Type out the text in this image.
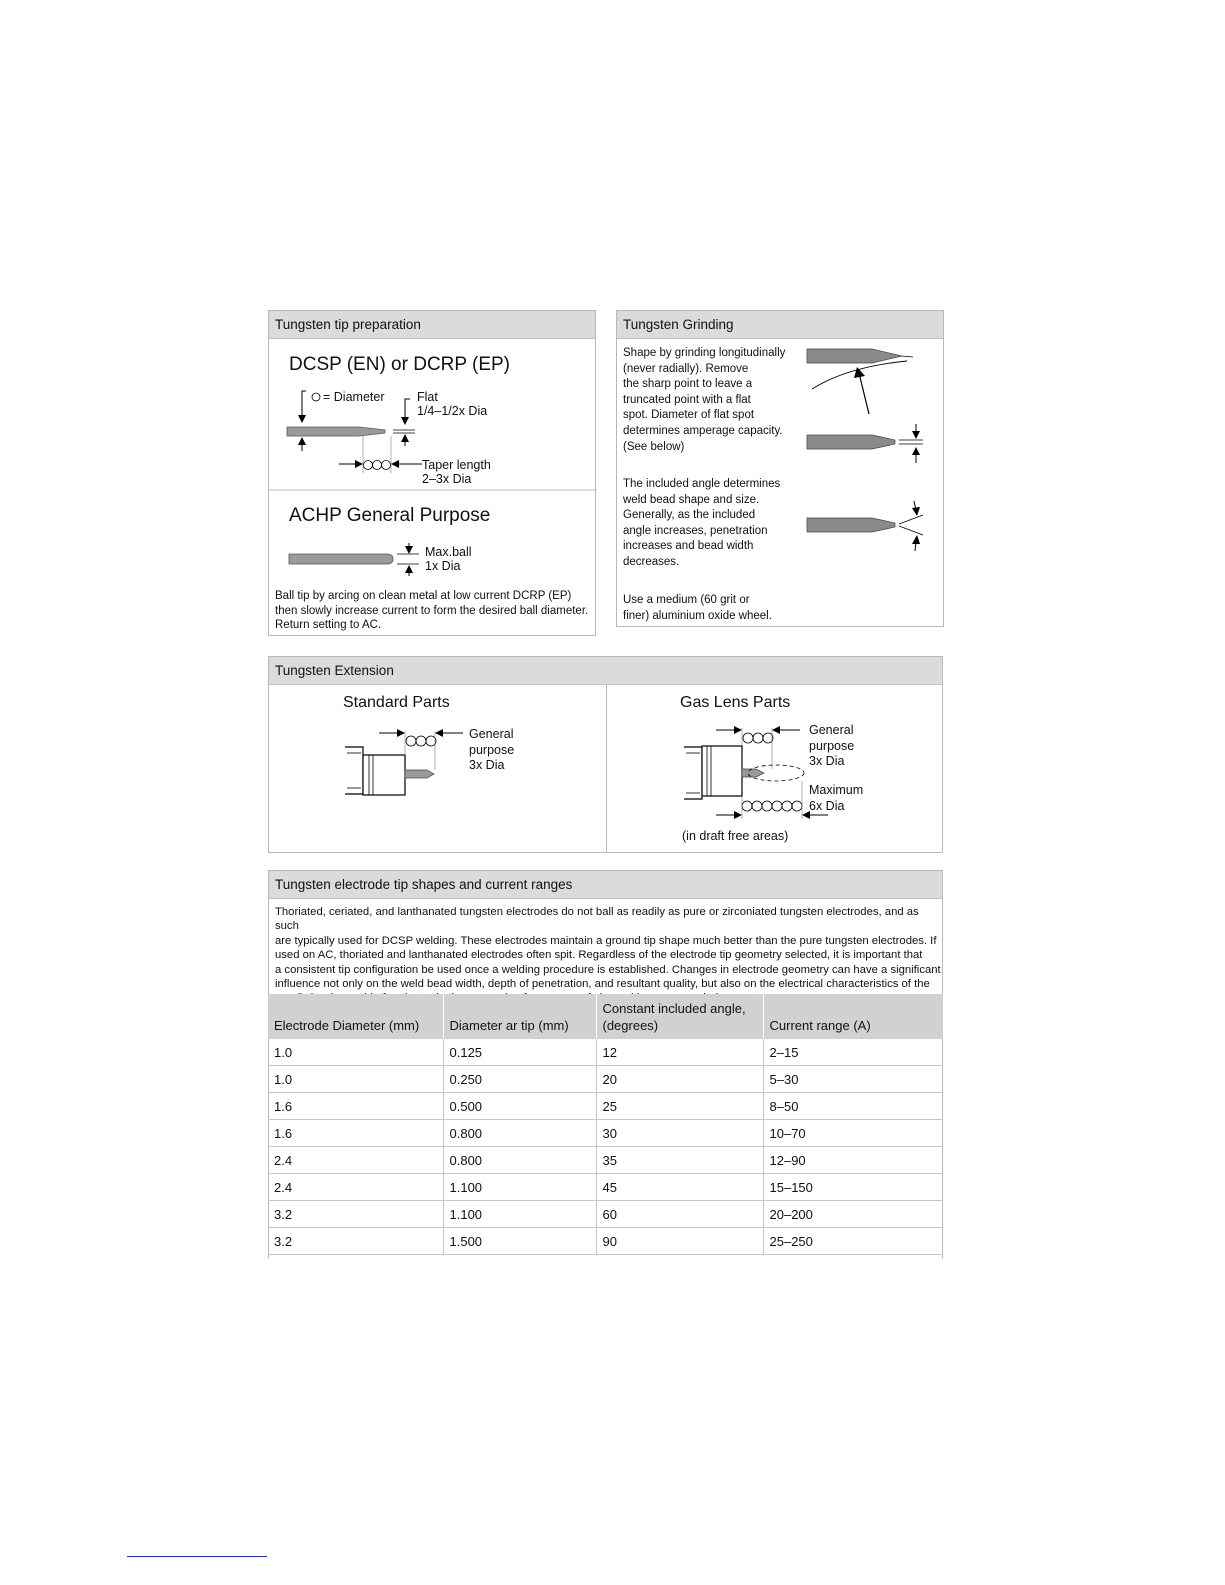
Tungsten tip preparation
DCSP (EN) or DCRP (EP)
= Diameter	Flat
1/4–1/2x Dia
Taper length
2–3x Dia
ACHP General Purpose
Max.ball
1x Dia
Ball tip by arcing on clean metal at low current DCRP (EP)
then slowly increase current to form the desired ball diameter.
Return setting to AC.
Tungsten Grinding
Shape by grinding longitudinally
(never radially). Remove
the sharp point to leave a
truncated point with a flat
spot. Diameter of flat spot
determines amperage capacity.
(See below)
The included angle determines
weld bead shape and size.
Generally, as the included
angle increases, penetration
increases and bead width
decreases.
Use a medium (60 grit or
finer) aluminium oxide wheel.
Tungsten Extension
Standard Parts
General
purpose
3x Dia
Gas Lens Parts
General
purpose
3x Dia
Maximum
6x Dia
(in draft free areas)
Tungsten electrode tip shapes and current ranges
Thoriated, ceriated, and lanthanated tungsten electrodes do not ball as readily as pure or zirconiated tungsten electrodes, and as such
are typically used for DCSP welding. These electrodes maintain a ground tip shape much better than the pure tungsten electrodes. If
used on AC, thoriated and lanthanated electrodes often spit. Regardless of the electrode tip geometry selected, it is important that
a consistent tip configuration be used once a welding procedure is established. Changes in electrode geometry can have a significant
influence not only on the weld bead width, depth of penetration, and resultant quality, but also on the electrical characteristics of the
Electrode Diameter (mm)	Diameter ar tip (mm)	Constant included angle, (degrees)	Current range (A)
1.0	0.125	12	2–15
1.0	0.250	20	5–30
1.6	0.500	25	8–50
1.6	0.800	30	10–70
2.4	0.800	35	12–90
2.4	1.100	45	15–150
3.2	1.100	60	20–200
3.2	1.500	90	25–250
